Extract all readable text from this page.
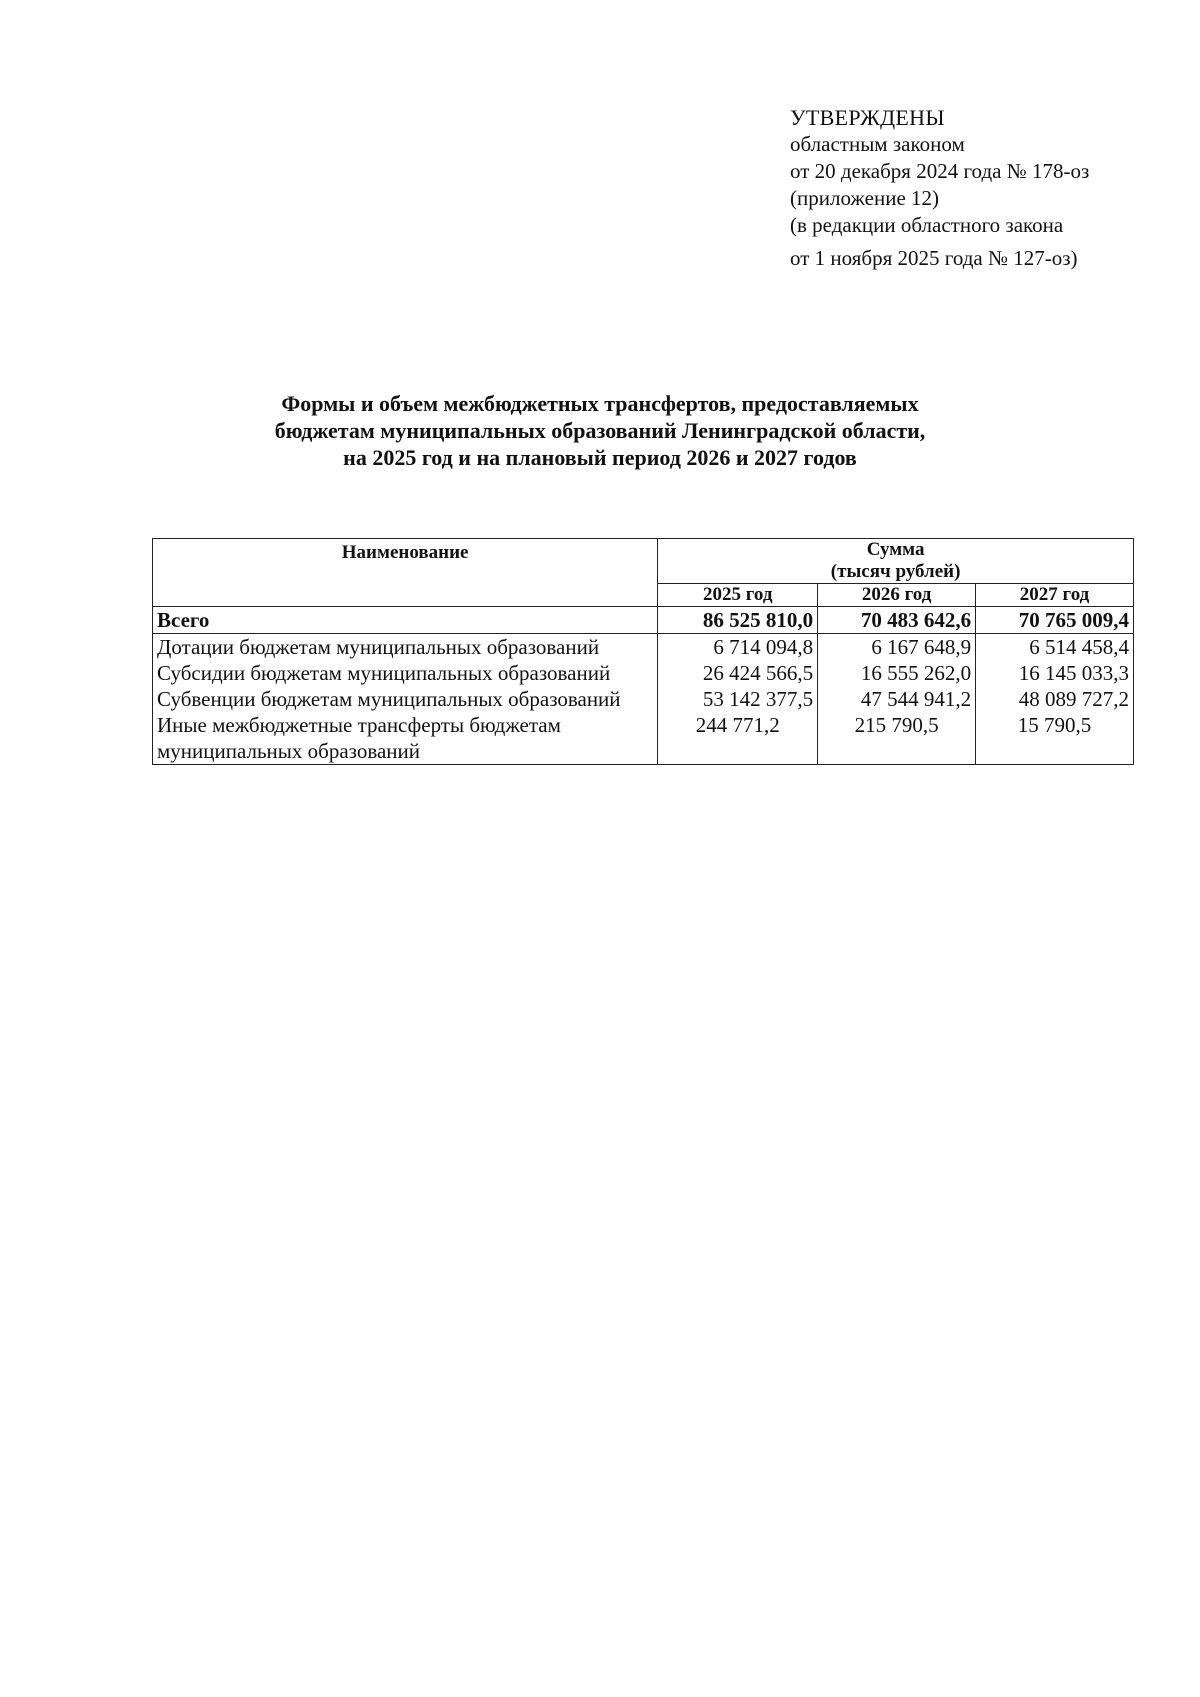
УТВЕРЖДЕНЫ
областным законом
от 20 декабря 2024 года № 178-оз
(приложение 12)
(в редакции областного закона
от 1 ноября 2025 года № 127-оз)
Формы и объем межбюджетных трансфертов, предоставляемых
бюджетам муниципальных образований Ленинградской области,
на 2025 год и на плановый период 2026 и 2027 годов
Наименование	Сумма
(тысяч рублей)		

	2025 год	2026 год	2027 год
Всего	86 525 810,0	70 483 642,6	70 765 009,4
Дотации бюджетам муниципальных образований	6 714 094,8	6 167 648,9	6 514 458,4
Субсидии бюджетам муниципальных образований	26 424 566,5	16 555 262,0	16 145 033,3
Субвенции бюджетам муниципальных образований	53 142 377,5	47 544 941,2	48 089 727,2
Иные межбюджетные трансферты бюджетам муниципальных образований	244 771,2	215 790,5	15 790,5
